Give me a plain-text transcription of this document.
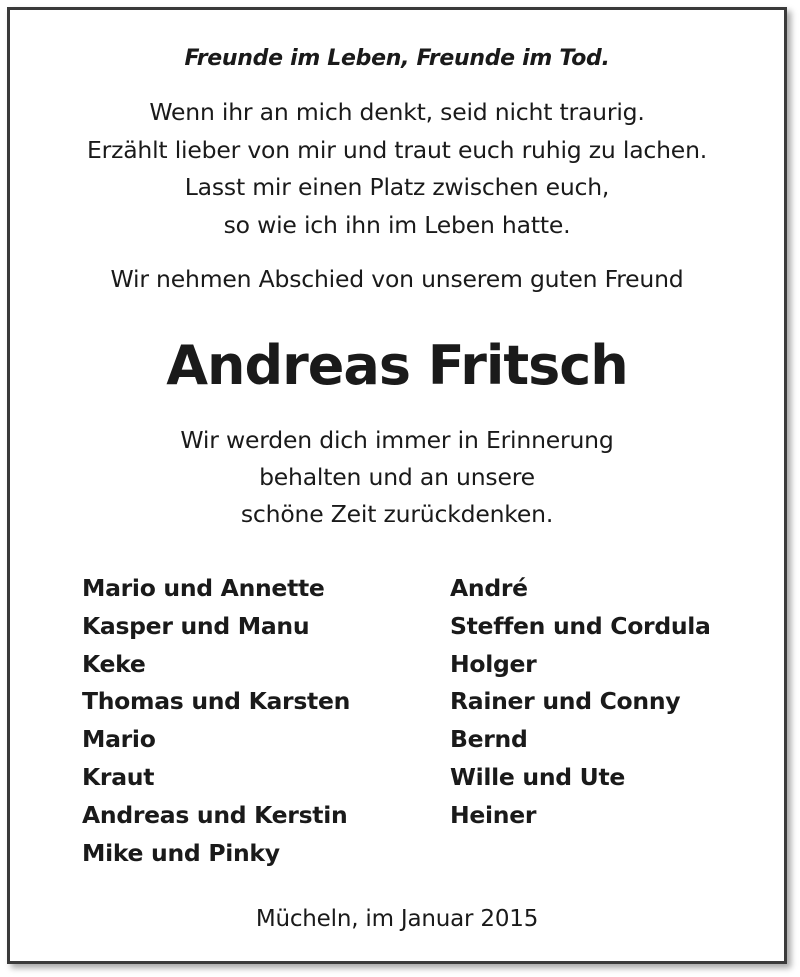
Freunde im Leben, Freunde im Tod.
Wenn ihr an mich denkt, seid nicht traurig.
Erzählt lieber von mir und traut euch ruhig zu lachen.
Lasst mir einen Platz zwischen euch,
so wie ich ihn im Leben hatte.
Wir nehmen Abschied von unserem guten Freund
Andreas Fritsch
Wir werden dich immer in Erinnerung
behalten und an unsere
schöne Zeit zurückdenken.
Mario und Annette
Kasper und Manu
Keke
Thomas und Karsten
Mario
Kraut
Andreas und Kerstin
Mike und Pinky
André
Steffen und Cordula
Holger
Rainer und Conny
Bernd
Wille und Ute
Heiner
Mücheln, im Januar 2015
